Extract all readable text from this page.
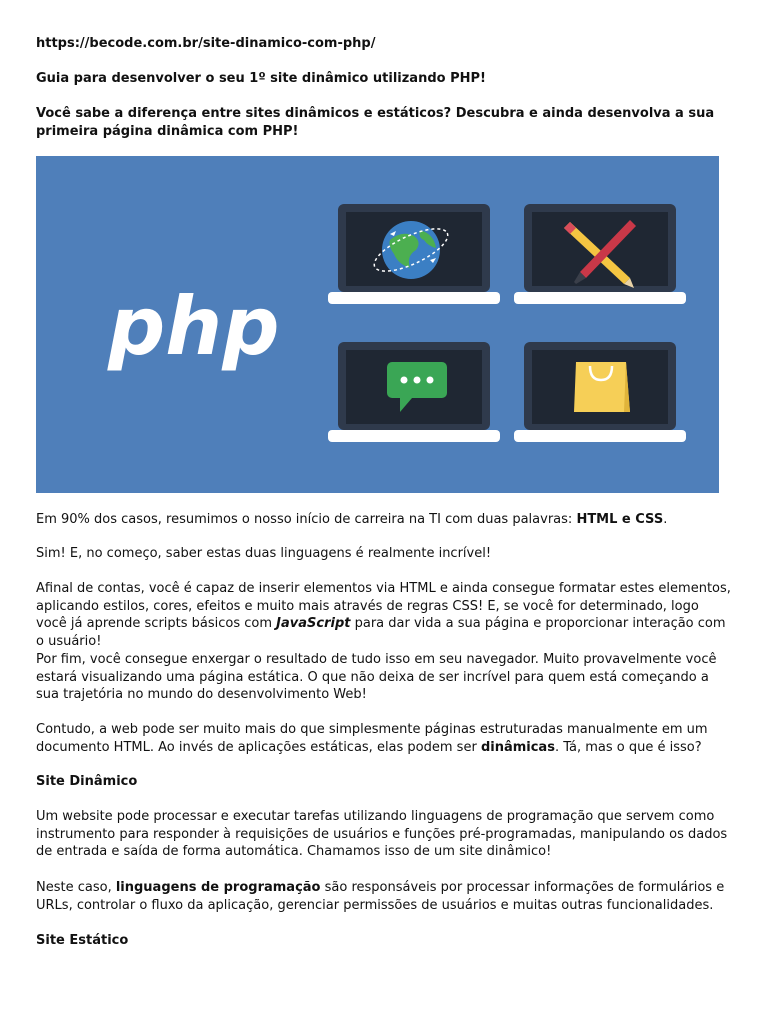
https://becode.com.br/site-dinamico-com-php/

Guia para desenvolver o seu 1º site dinâmico utilizando PHP!

Você sabe a diferença entre sites dinâmicos e estáticos? Descubra e ainda desenvolva a sua primeira página dinâmica com PHP!

Em 90% dos casos, resumimos o nosso início de carreira na TI com duas palavras: HTML e CSS.

Sim! E, no começo, saber estas duas linguagens é realmente incrível!

Afinal de contas, você é capaz de inserir elementos via HTML e ainda consegue formatar estes elementos, aplicando estilos, cores, efeitos e muito mais através de regras CSS! E, se você for determinado, logo você já aprende scripts básicos com JavaScript para dar vida a sua página e proporcionar interação com o usuário!

Por fim, você consegue enxergar o resultado de tudo isso em seu navegador. Muito provavelmente você estará visualizando uma página estática. O que não deixa de ser incrível para quem está começando a sua trajetória no mundo do desenvolvimento Web!

Contudo, a web pode ser muito mais do que simplesmente páginas estruturadas manualmente em um documento HTML. Ao invés de aplicações estáticas, elas podem ser dinâmicas. Tá, mas o que é isso?

Site Dinâmico

Um website pode processar e executar tarefas utilizando linguagens de programação que servem como instrumento para responder à requisições de usuários e funções pré-programadas, manipulando os dados de entrada e saída de forma automática. Chamamos isso de um site dinâmico!

Neste caso, linguagens de programação são responsáveis por processar informações de formulários e URLs, controlar o fluxo da aplicação, gerenciar permissões de usuários e muitas outras funcionalidades.

Site Estático

php
